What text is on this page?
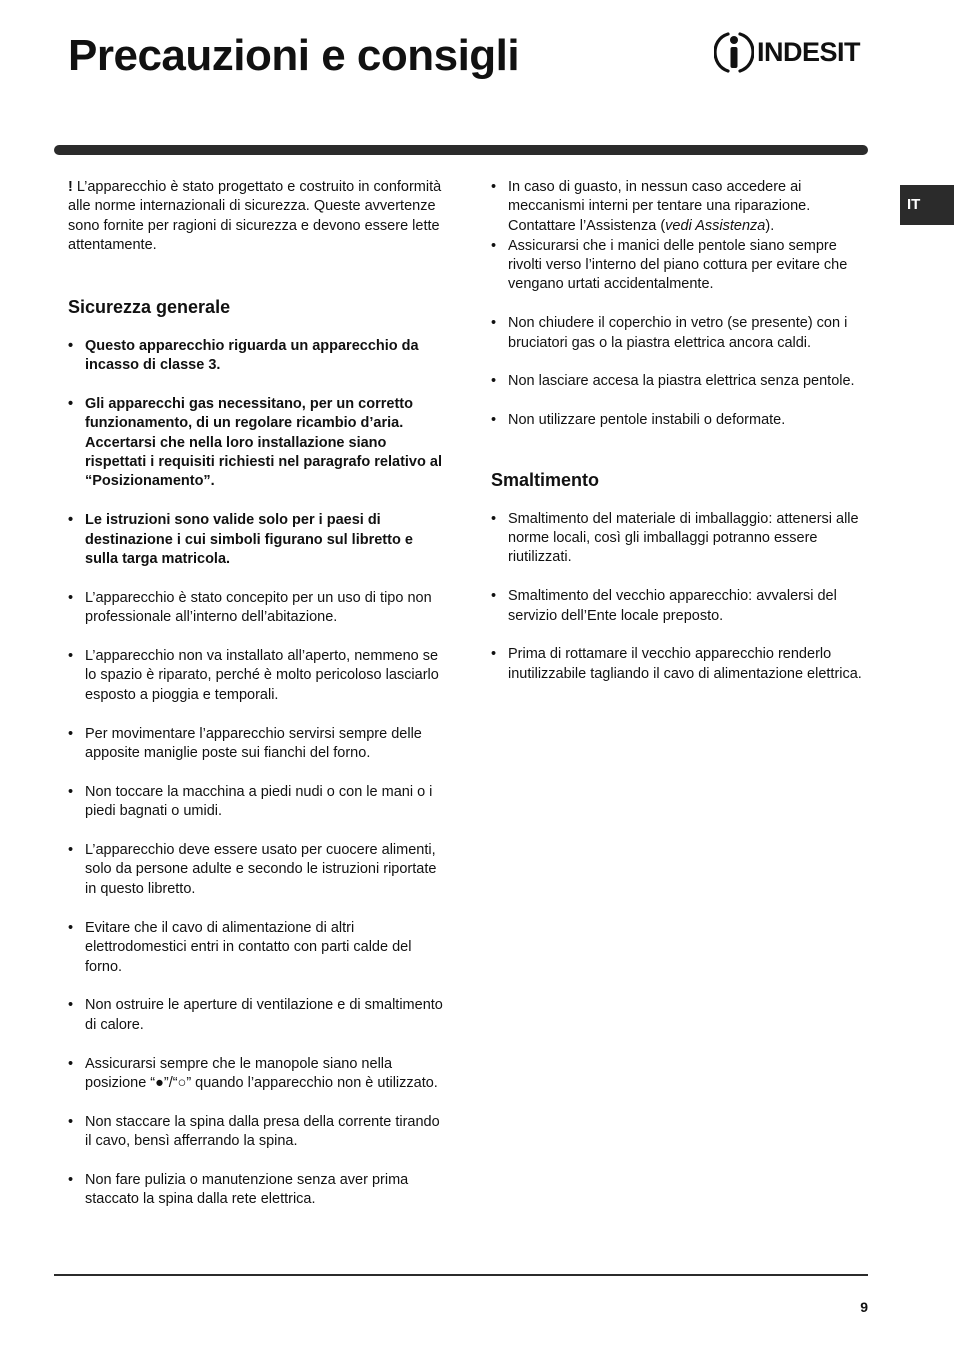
Precauzioni e consigli	INDESIT
IT

! L’apparecchio è stato progettato e costruito in conformità alle norme internazionali di sicurezza. Queste avvertenze sono fornite per ragioni di sicurezza e devono essere lette attentamente.

Sicurezza generale
• Questo apparecchio riguarda un apparecchio da incasso di classe 3.
• Gli apparecchi gas necessitano, per un corretto funzionamento, di un regolare ricambio d’aria. Accertarsi che nella loro installazione siano rispettati i requisiti richiesti nel paragrafo relativo al “Posizionamento”.
• Le istruzioni sono valide solo per i paesi di destinazione i cui simboli figurano sul libretto e sulla targa matricola.
• L’apparecchio è stato concepito per un uso di tipo non professionale all’interno dell’abitazione.
• L’apparecchio non va installato all’aperto, nemmeno se lo spazio è riparato, perché è molto pericoloso lasciarlo esposto a pioggia e temporali.
• Per movimentare l’apparecchio servirsi sempre delle apposite maniglie poste sui fianchi del forno.
• Non toccare la macchina a piedi nudi o con le mani o i piedi bagnati o umidi.
• L’apparecchio deve essere usato per cuocere alimenti, solo da persone adulte e secondo le istruzioni riportate in questo libretto.
• Evitare che il cavo di alimentazione di altri elettrodomestici entri in contatto con parti calde del forno.
• Non ostruire le aperture di ventilazione e di smaltimento di calore.
• Assicurarsi sempre che le manopole siano nella posizione “●”/“○” quando l’apparecchio non è utilizzato.
• Non staccare la spina dalla presa della corrente tirando il cavo, bensì afferrando la spina.
• Non fare pulizia o manutenzione senza aver prima staccato la spina dalla rete elettrica.
• In caso di guasto, in nessun caso accedere ai meccanismi interni per tentare una riparazione. Contattare l’Assistenza (vedi Assistenza).
• Assicurarsi che i manici delle pentole siano sempre rivolti verso l’interno del piano cottura per evitare che vengano urtati accidentalmente.
• Non chiudere il coperchio in vetro (se presente) con i bruciatori gas o la piastra elettrica ancora caldi.
• Non lasciare accesa la piastra elettrica senza pentole.
• Non utilizzare pentole instabili o deformate.
Smaltimento
• Smaltimento del materiale di imballaggio: attenersi alle norme locali, così gli imballaggi potranno essere riutilizzati.
• Smaltimento del vecchio apparecchio: avvalersi del servizio dell’Ente locale preposto.
• Prima di rottamare il vecchio apparecchio renderlo inutilizzabile tagliando il cavo di alimentazione elettrica.
9
